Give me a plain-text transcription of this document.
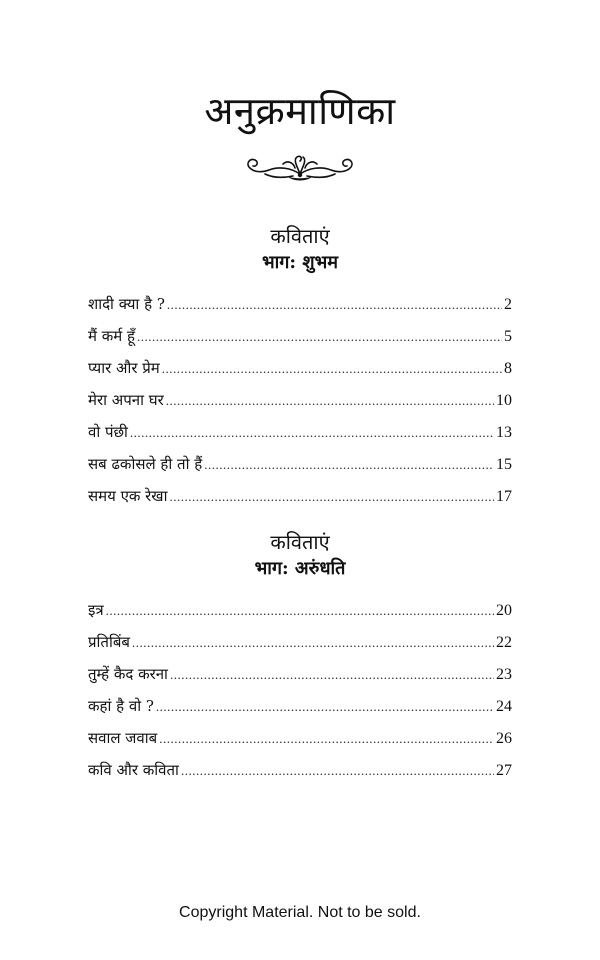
अनुक्रमाणिका
कविताएं
भाग: शुभम
शादी क्या है ? .....	2
मैं कर्म हूँ .....	5
प्यार और प्रेम .....	8
मेरा अपना घर .....	10
वो पंछी .....	13
सब ढकोसले ही तो हैं .....	15
समय एक रेखा .....	17
कविताएं
भाग: अरुंधति
इत्र .....	20
प्रतिबिंब .....	22
तुम्हें कैद करना .....	23
कहां है वो ? .....	24
सवाल जवाब .....	26
कवि और कविता .....	27
Copyright Material. Not to be sold.
